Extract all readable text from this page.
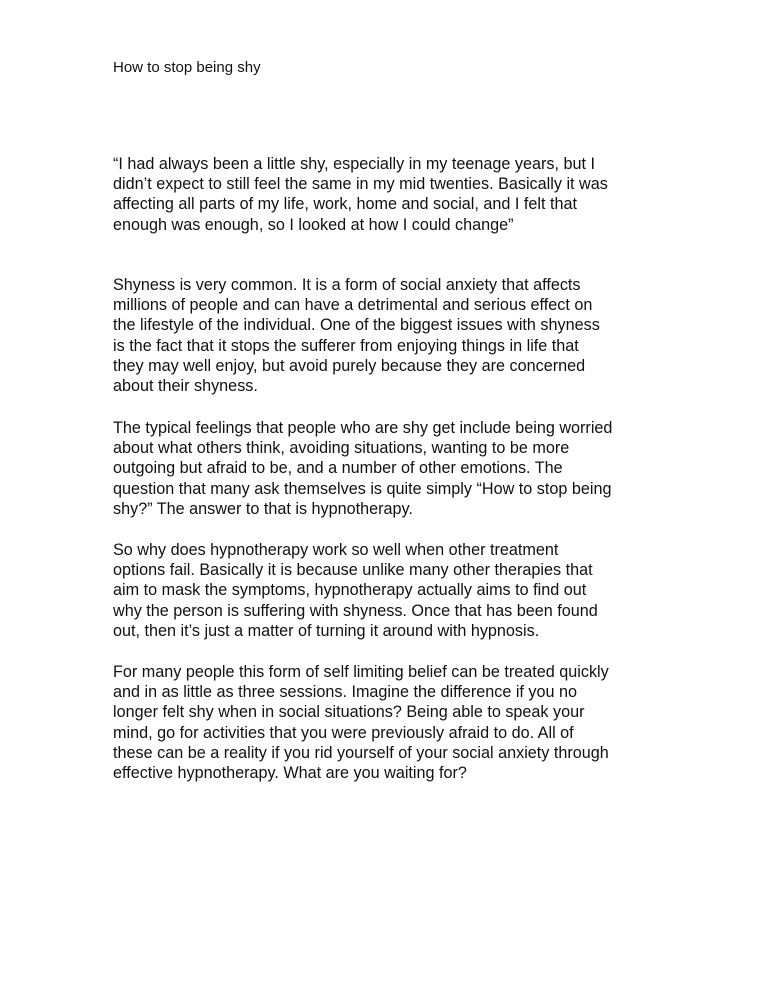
How to stop being shy
“I had always been a little shy, especially in my teenage years, but I
didn’t expect to still feel the same in my mid twenties. Basically it was
affecting all parts of my life, work, home and social, and I felt that
enough was enough, so I looked at how I could change”
Shyness is very common. It is a form of social anxiety that affects
millions of people and can have a detrimental and serious effect on
the lifestyle of the individual. One of the biggest issues with shyness
is the fact that it stops the sufferer from enjoying things in life that
they may well enjoy, but avoid purely because they are concerned
about their shyness.
The typical feelings that people who are shy get include being worried
about what others think, avoiding situations, wanting to be more
outgoing but afraid to be, and a number of other emotions. The
question that many ask themselves is quite simply “How to stop being
shy?” The answer to that is hypnotherapy.
So why does hypnotherapy work so well when other treatment
options fail. Basically it is because unlike many other therapies that
aim to mask the symptoms, hypnotherapy actually aims to find out
why the person is suffering with shyness. Once that has been found
out, then it’s just a matter of turning it around with hypnosis.
For many people this form of self limiting belief can be treated quickly
and in as little as three sessions. Imagine the difference if you no
longer felt shy when in social situations? Being able to speak your
mind, go for activities that you were previously afraid to do. All of
these can be a reality if you rid yourself of your social anxiety through
effective hypnotherapy. What are you waiting for?
